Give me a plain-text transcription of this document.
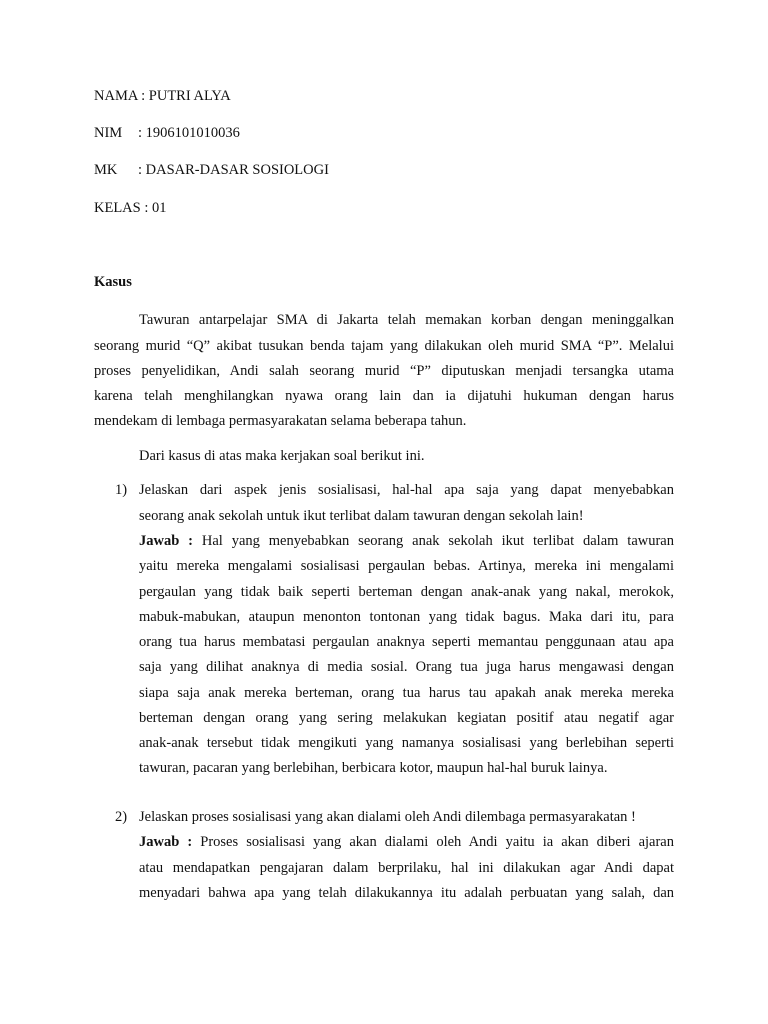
NAMA : PUTRI ALYA
NIM : 1906101010036
MK : DASAR-DASAR SOSIOLOGI
KELAS : 01
Kasus
Tawuran antarpelajar SMA di Jakarta telah memakan korban dengan meninggalkan
seorang murid “Q” akibat tusukan benda tajam yang dilakukan oleh murid SMA “P”. Melalui
proses penyelidikan, Andi salah seorang murid “P” diputuskan menjadi tersangka utama
karena telah menghilangkan nyawa orang lain dan ia dijatuhi hukuman dengan harus
mendekam di lembaga permasyarakatan selama beberapa tahun.
Dari kasus di atas maka kerjakan soal berikut ini.
1) Jelaskan dari aspek jenis sosialisasi, hal-hal apa saja yang dapat menyebabkan
seorang anak sekolah untuk ikut terlibat dalam tawuran dengan sekolah lain!
Jawab : Hal yang menyebabkan seorang anak sekolah ikut terlibat dalam tawuran
yaitu mereka mengalami sosialisasi pergaulan bebas. Artinya, mereka ini mengalami
pergaulan yang tidak baik seperti berteman dengan anak-anak yang nakal, merokok,
mabuk-mabukan, ataupun menonton tontonan yang tidak bagus. Maka dari itu, para
orang tua harus membatasi pergaulan anaknya seperti memantau penggunaan atau apa
saja yang dilihat anaknya di media sosial. Orang tua juga harus mengawasi dengan
siapa saja anak mereka berteman, orang tua harus tau apakah anak mereka mereka
berteman dengan orang yang sering melakukan kegiatan positif atau negatif agar
anak-anak tersebut tidak mengikuti yang namanya sosialisasi yang berlebihan seperti
tawuran, pacaran yang berlebihan, berbicara kotor, maupun hal-hal buruk lainya.
2) Jelaskan proses sosialisasi yang akan dialami oleh Andi dilembaga permasyarakatan !
Jawab : Proses sosialisasi yang akan dialami oleh Andi yaitu ia akan diberi ajaran
atau mendapatkan pengajaran dalam berprilaku, hal ini dilakukan agar Andi dapat
menyadari bahwa apa yang telah dilakukannya itu adalah perbuatan yang salah, dan
